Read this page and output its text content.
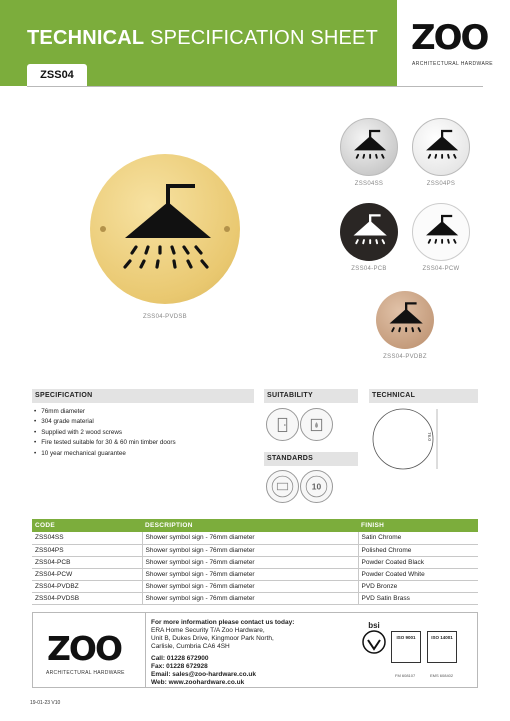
TECHNICAL SPECIFICATION SHEET
ZSS04
ZOO
ARCHITECTURAL HARDWARE
ZSS04-PVDSB
ZSS04SS	ZSS04PS
ZSS04-PCB	ZSS04-PCW
ZSS04-PVDBZ
SPECIFICATION
• 76mm diameter
• 304 grade material
• Supplied with 2 wood screws
• Fire tested suitable for 30 & 60 min timber doors
• 10 year mechanical guarantee
SUITABILITY
STANDARDS
10
TECHNICAL
76.0
CODE	DESCRIPTION	FINISH
ZSS04SS	Shower symbol sign - 76mm diameter	Satin Chrome
ZSS04PS	Shower symbol sign - 76mm diameter	Polished Chrome
ZSS04-PCB	Shower symbol sign - 76mm diameter	Powder Coated Black
ZSS04-PCW	Shower symbol sign - 76mm diameter	Powder Coated White
ZSS04-PVDBZ	Shower symbol sign - 76mm diameter	PVD Bronze
ZSS04-PVDSB	Shower symbol sign - 76mm diameter	PVD Satin Brass
ZOO
ARCHITECTURAL HARDWARE
For more information please contact us today:
ERA Home Security T/A Zoo Hardware,
Unit B, Dukes Drive, Kingmoor Park North,
Carlisle, Cumbria CA6 4SH
Call: 01228 672900
Fax: 01228 672928
Email: sales@zoo-hardware.co.uk
Web: www.zoohardware.co.uk
bsi
ISO 9001	ISO 14001
FM 608107	EMS 608402
19-01-23 V10
